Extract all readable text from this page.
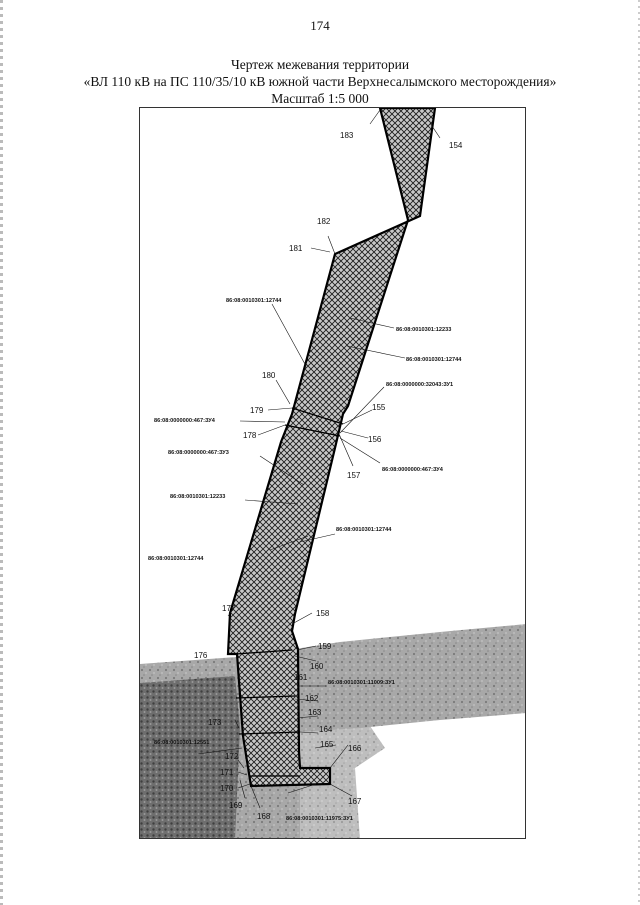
174
Чертеж межевания территории
«ВЛ 110 кВ на ПС 110/35/10 кВ южной части Верхнесалымского месторождения»
Масштаб 1:5 000
183
154
182
181
180
179
178
155
156
157
177
158
176
159
160
161
162
163
164
165 166
167
168
169
170
171
172
173
86:08:0010301:12744
86:08:0010301:12233
86:08:0010301:12744
86:08:0000000:32043:ЗУ1
86:08:0000000:467:ЗУ4
86:08:0000000:467:ЗУ4
86:08:0000000:467:ЗУ3
86:08:0010301:12233
86:08:0010301:12744
86:08:0010301:12744
86:08:0010301:11009:ЗУ1
86:08:0010301:12551
86:08:0010301:11975:ЗУ1
